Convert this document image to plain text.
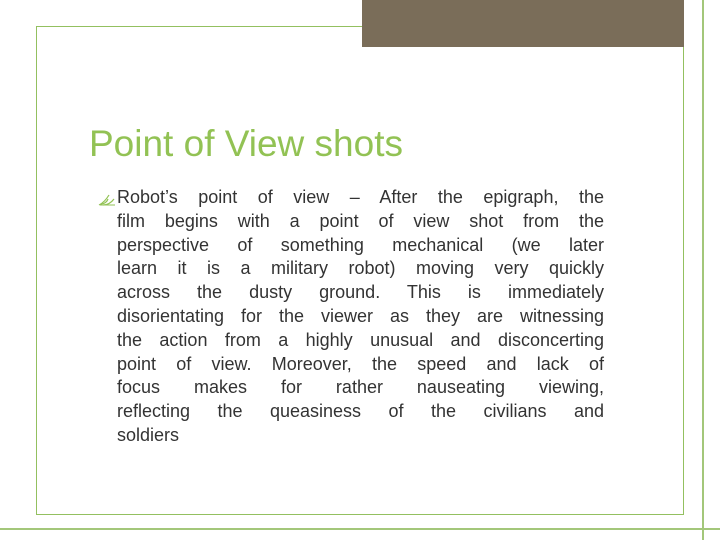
Point of View shots

Robot’s point of view – After the epigraph, the
film begins with a point of view shot from the
perspective of something mechanical (we later
learn it is a military robot) moving very quickly
across the dusty ground. This is immediately
disorientating for the viewer as they are witnessing
the action from a highly unusual and disconcerting
point of view. Moreover, the speed and lack of
focus makes for rather nauseating viewing,
reflecting the queasiness of the civilians and
soldiers
